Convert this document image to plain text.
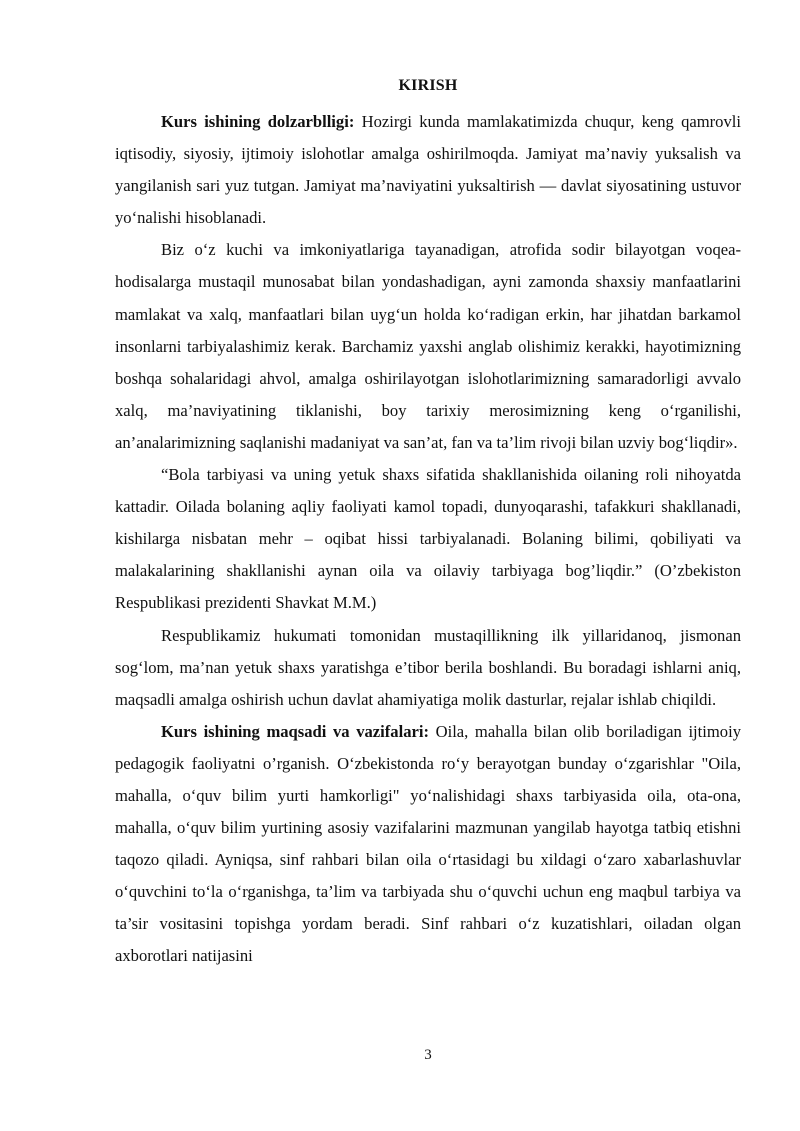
KIRISH

Kurs ishining dolzarblligi: Hozirgi kunda mamlakatimizda chuqur, keng qamrovli iqtisodiy, siyosiy, ijtimoiy islohotlar amalga oshirilmoqda. Jamiyat ma’naviy yuksalish va yangilanish sari yuz tutgan. Jamiyat ma’naviyatini yuksaltirish — davlat siyosatining ustuvor yo‘nalishi hisoblanadi.

Biz o‘z kuchi va imkoniyatlariga tayanadigan, atrofida sodir bilayotgan voqea-hodisalarga mustaqil munosabat bilan yondashadigan, ayni zamonda shaxsiy manfaatlarini mamlakat va xalq, manfaatlari bilan uyg‘un holda ko‘radigan erkin, har jihatdan barkamol insonlarni tarbiyalashimiz kerak. Barchamiz yaxshi anglab olishimiz kerakki, hayotimizning boshqa sohalaridagi ahvol, amalga oshirilayotgan islohotlarimizning samaradorligi avvalo xalq, ma’naviyatining tiklanishi, boy tarixiy merosimizning keng o‘rganilishi, an’analarimizning saqlanishi madaniyat va san’at, fan va ta’lim rivoji bilan uzviy bog‘liqdir».

“Bola tarbiyasi va uning yetuk shaxs sifatida shakllanishida oilaning roli nihoyatda kattadir. Oilada bolaning aqliy faoliyati kamol topadi, dunyoqarashi, tafakkuri shakllanadi, kishilarga nisbatan mehr – oqibat hissi tarbiyalanadi. Bolaning bilimi, qobiliyati va malakalarining shakllanishi aynan oila va oilaviy tarbiyaga bog’liqdir.” (O’zbekiston Respublikasi prezidenti Shavkat M.M.)

Respublikamiz hukumati tomonidan mustaqillikning ilk yillaridanoq, jismonan sog‘lom, ma’nan yetuk shaxs yaratishga e’tibor berila boshlandi. Bu boradagi ishlarni aniq, maqsadli amalga oshirish uchun davlat ahamiyatiga molik dasturlar, rejalar ishlab chiqildi.

Kurs ishining maqsadi va vazifalari: Oila, mahalla bilan olib boriladigan ijtimoiy pedagogik faoliyatni o’rganish. O‘zbekistonda ro‘y berayotgan bunday o‘zgarishlar "Oila, mahalla, o‘quv bilim yurti hamkorligi" yo‘nalishidagi shaxs tarbiyasida oila, ota-ona, mahalla, o‘quv bilim yurtining asosiy vazifalarini mazmunan yangilab hayotga tatbiq etishni taqozo qiladi. Ayniqsa, sinf rahbari bilan oila o‘rtasidagi bu xildagi o‘zaro xabarlashuvlar o‘quvchini to‘la o‘rganishga, ta’lim va tarbiyada shu o‘quvchi uchun eng maqbul tarbiya va ta’sir vositasini topishga yordam beradi. Sinf rahbari o‘z kuzatishlari, oiladan olgan axborotlari natijasini

3
